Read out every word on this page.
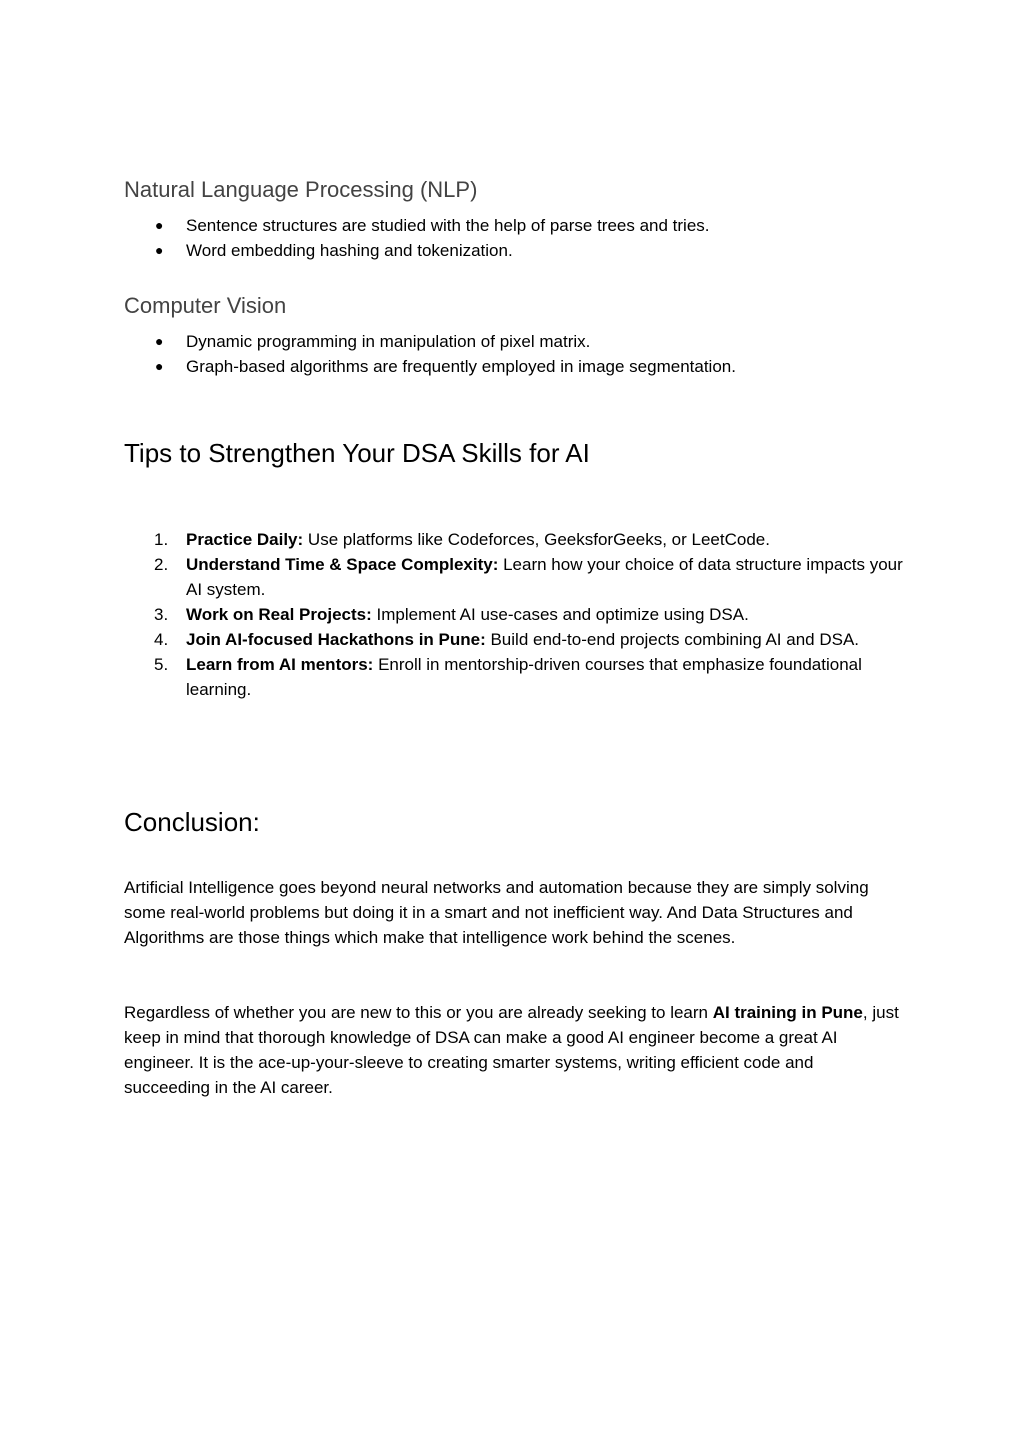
Natural Language Processing (NLP)
●	Sentence structures are studied with the help of parse trees and tries.
●	Word embedding hashing and tokenization.
Computer Vision
●	Dynamic programming in manipulation of pixel matrix.
●	Graph-based algorithms are frequently employed in image segmentation.
Tips to Strengthen Your DSA Skills for AI
1.	Practice Daily: Use platforms like Codeforces, GeeksforGeeks, or LeetCode.
2.	Understand Time & Space Complexity: Learn how your choice of data structure impacts your AI system.
3.	Work on Real Projects: Implement AI use-cases and optimize using DSA.
4.	Join AI-focused Hackathons in Pune: Build end-to-end projects combining AI and DSA.
5.	Learn from AI mentors: Enroll in mentorship-driven courses that emphasize foundational learning.
Conclusion:

Artificial Intelligence goes beyond neural networks and automation because they are simply solving some real-world problems but doing it in a smart and not inefficient way. And Data Structures and Algorithms are those things which make that intelligence work behind the scenes.

Regardless of whether you are new to this or you are already seeking to learn AI training in Pune, just keep in mind that thorough knowledge of DSA can make a good AI engineer become a great AI engineer. It is the ace-up-your-sleeve to creating smarter systems, writing efficient code and succeeding in the AI career.
